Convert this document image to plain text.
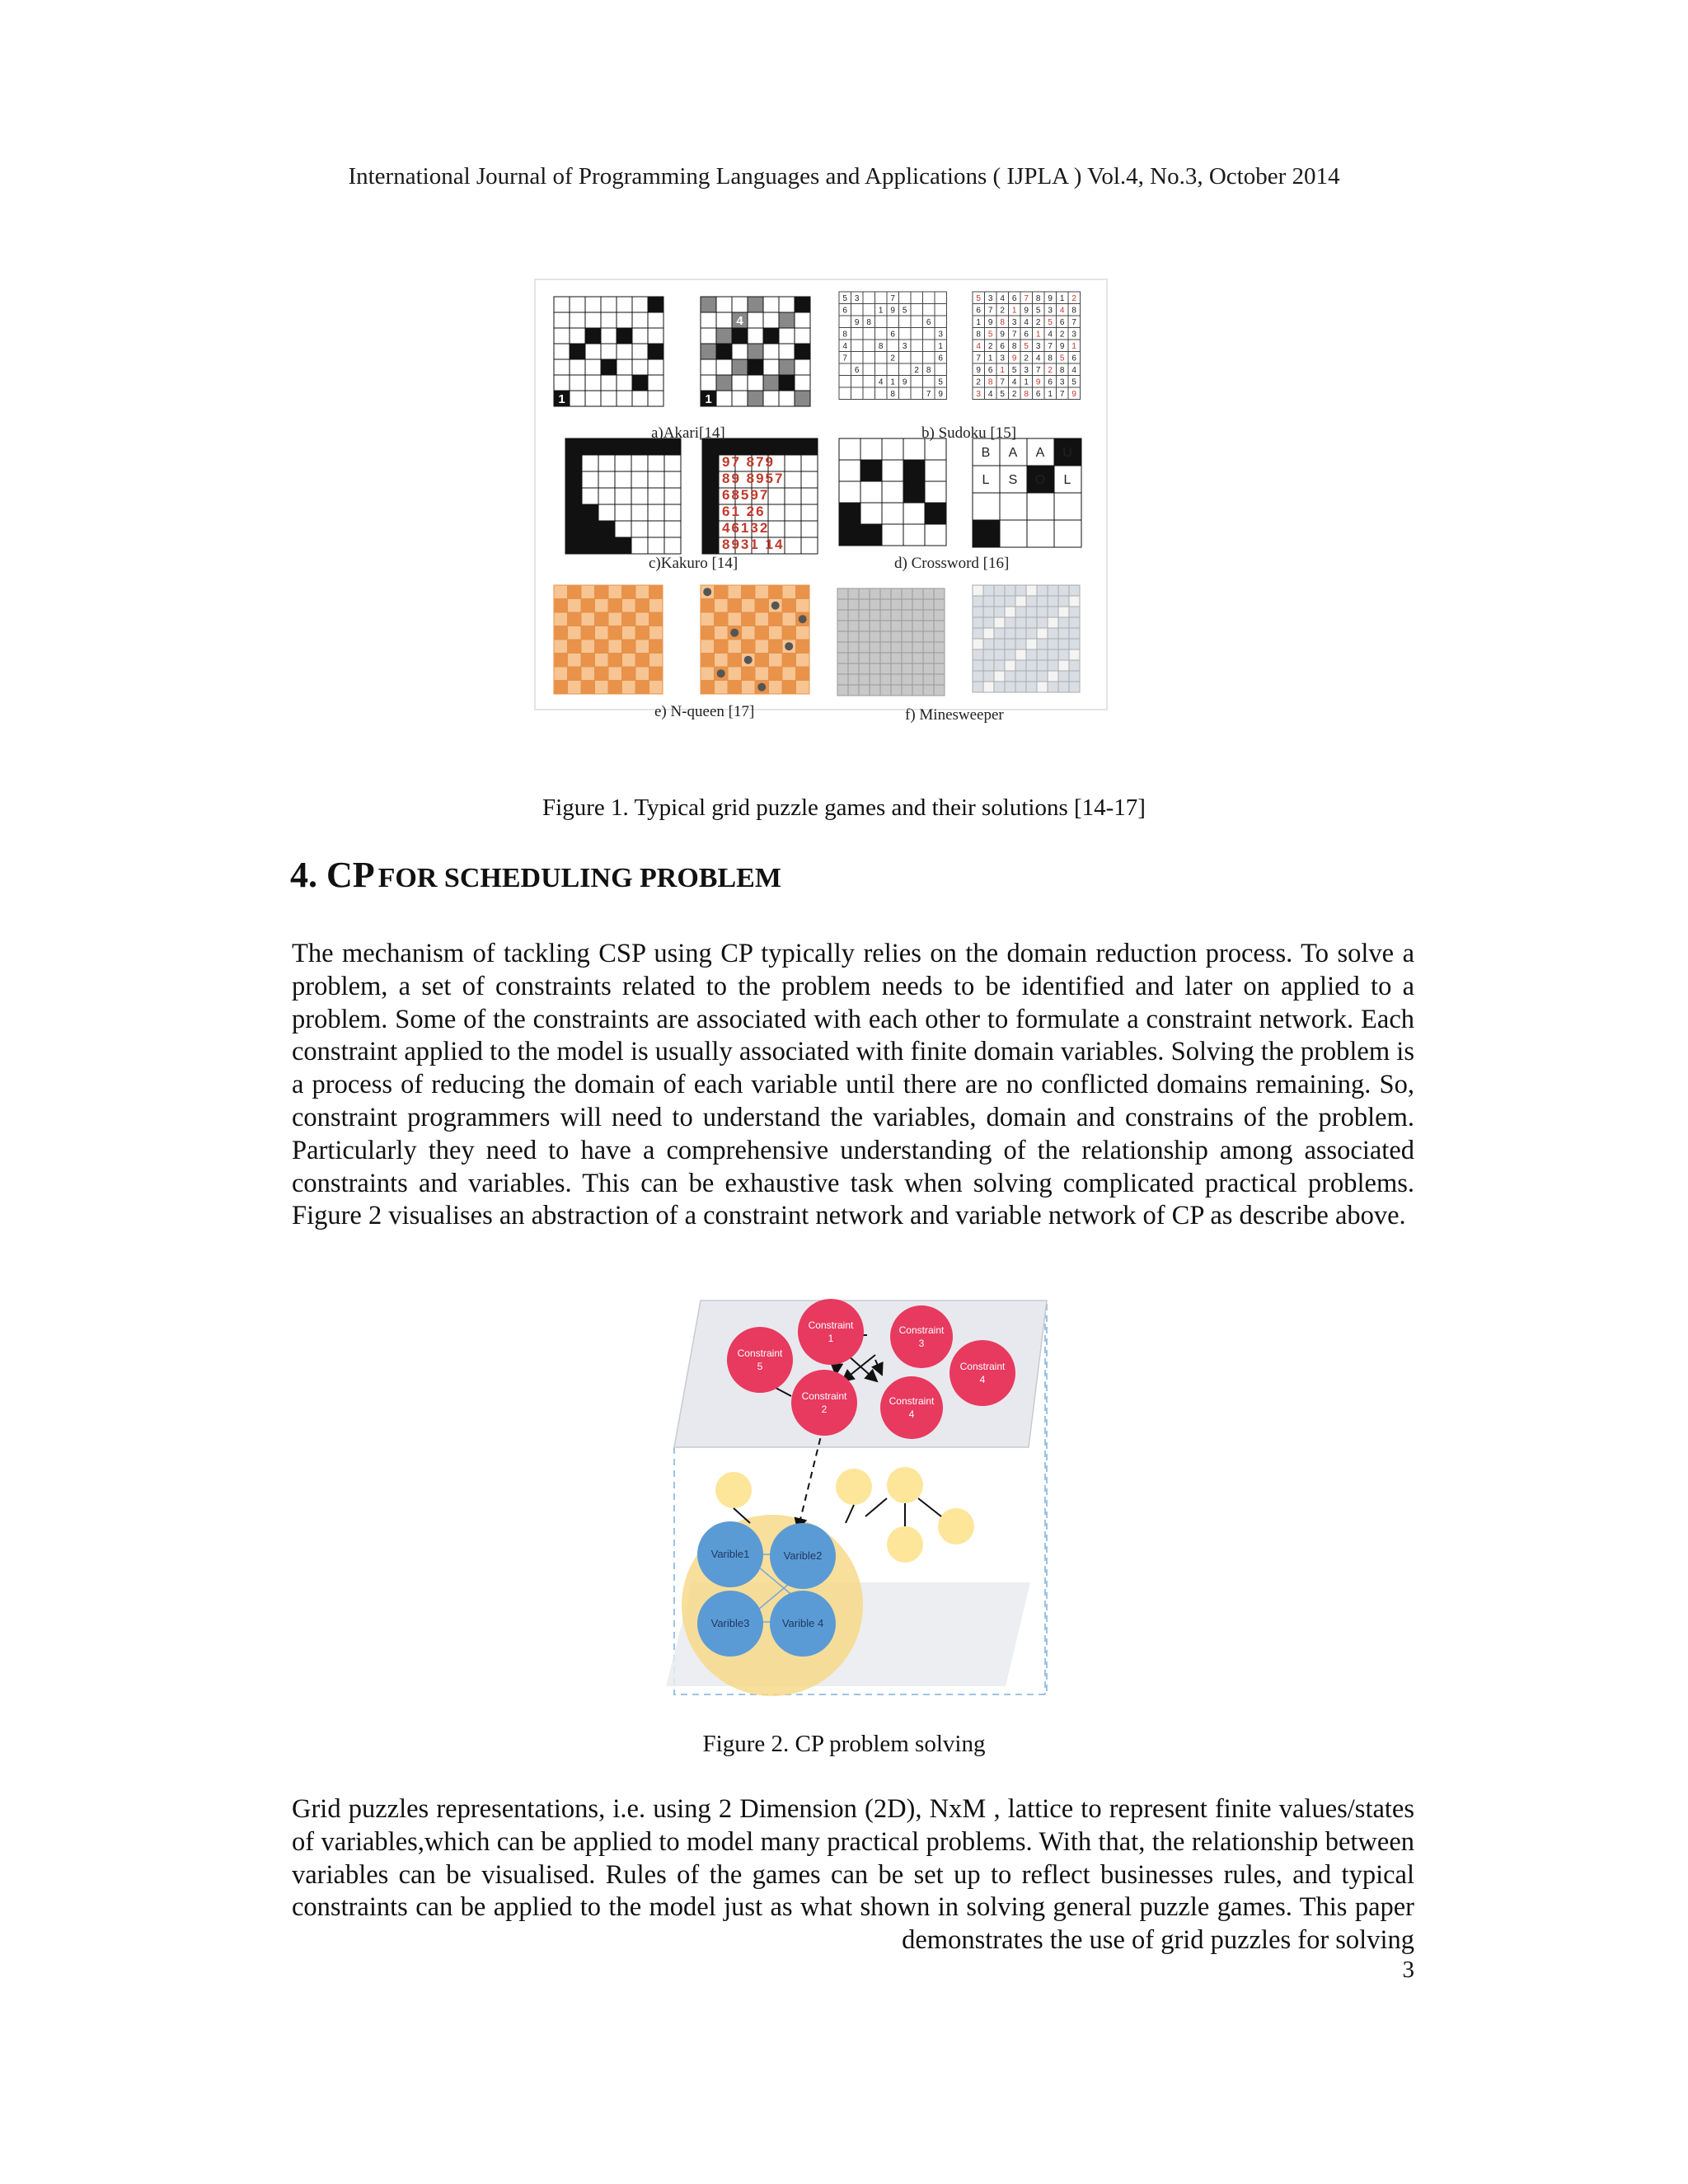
International Journal of Programming Languages and Applications ( IJPLA ) Vol.4, No.3, October 2014
4
0	1
1
1
4
0	1
1
1
5 3	7
6	1 9 5
9 8	6
8	6	3
4	8 3	1
7	2	6
6	2 8
4 1 9	5
8	7 9
5 3 4 6 7 8 9 1 2
6 7 2 1 9 5 3 4 8
1 9 8 3 4 2 5 6 7
8 5 9 7 6 1 4 2 3
4 2 6 8 5 3 7 9 1
7 1 3 9 2 4 8 5 6
9 6 1 5 3 7 2 8 4
2 8 7 4 1 9 6 3 5
3 4 5 2 8 6 1 7 9
97 879
89 8957
68597
61 26
46132
8931 14
B A A U
L S O L
a)Akari[14]	b) Sudoku [15]
c)Kakuro [14]	d) Crossword [16]
e) N-queen [17]	f) Minesweeper
Figure 1. Typical grid puzzle games and their solutions [14-17]
4. CP FOR SCHEDULING PROBLEM
The mechanism of tackling CSP using CP typically relies on the domain reduction process. To solve a problem, a set of constraints related to the problem needs to be identified and later on applied to a problem. Some of the constraints are associated with each other to formulate a constraint network. Each constraint applied to the model is usually associated with finite domain variables. Solving the problem is a process of reducing the domain of each variable until there are no conflicted domains remaining. So, constraint programmers will need to understand the variables, domain and constrains of the problem. Particularly they need to have a comprehensive understanding of the relationship among associated constraints and variables. This can be exhaustive task when solving complicated practical problems. Figure 2 visualises an abstraction of a constraint network and variable network of CP as describe above.
Varible1	Varible2
Varible3	Varible 4
Constraint
1
Constraint
3
Constraint
5	Constraint
4
Constraint
2
Constraint
4
Figure 2. CP problem solving
Grid puzzles representations, i.e. using 2 Dimension (2D), NxM , lattice to represent finite values/states of variables,which can be applied to model many practical problems. With that, the relationship between variables can be visualised. Rules of the games can be set up to reflect businesses rules, and typical constraints can be applied to the model just as what shown in solving general puzzle games. This paper demonstrates the use of grid puzzles for solving
3
